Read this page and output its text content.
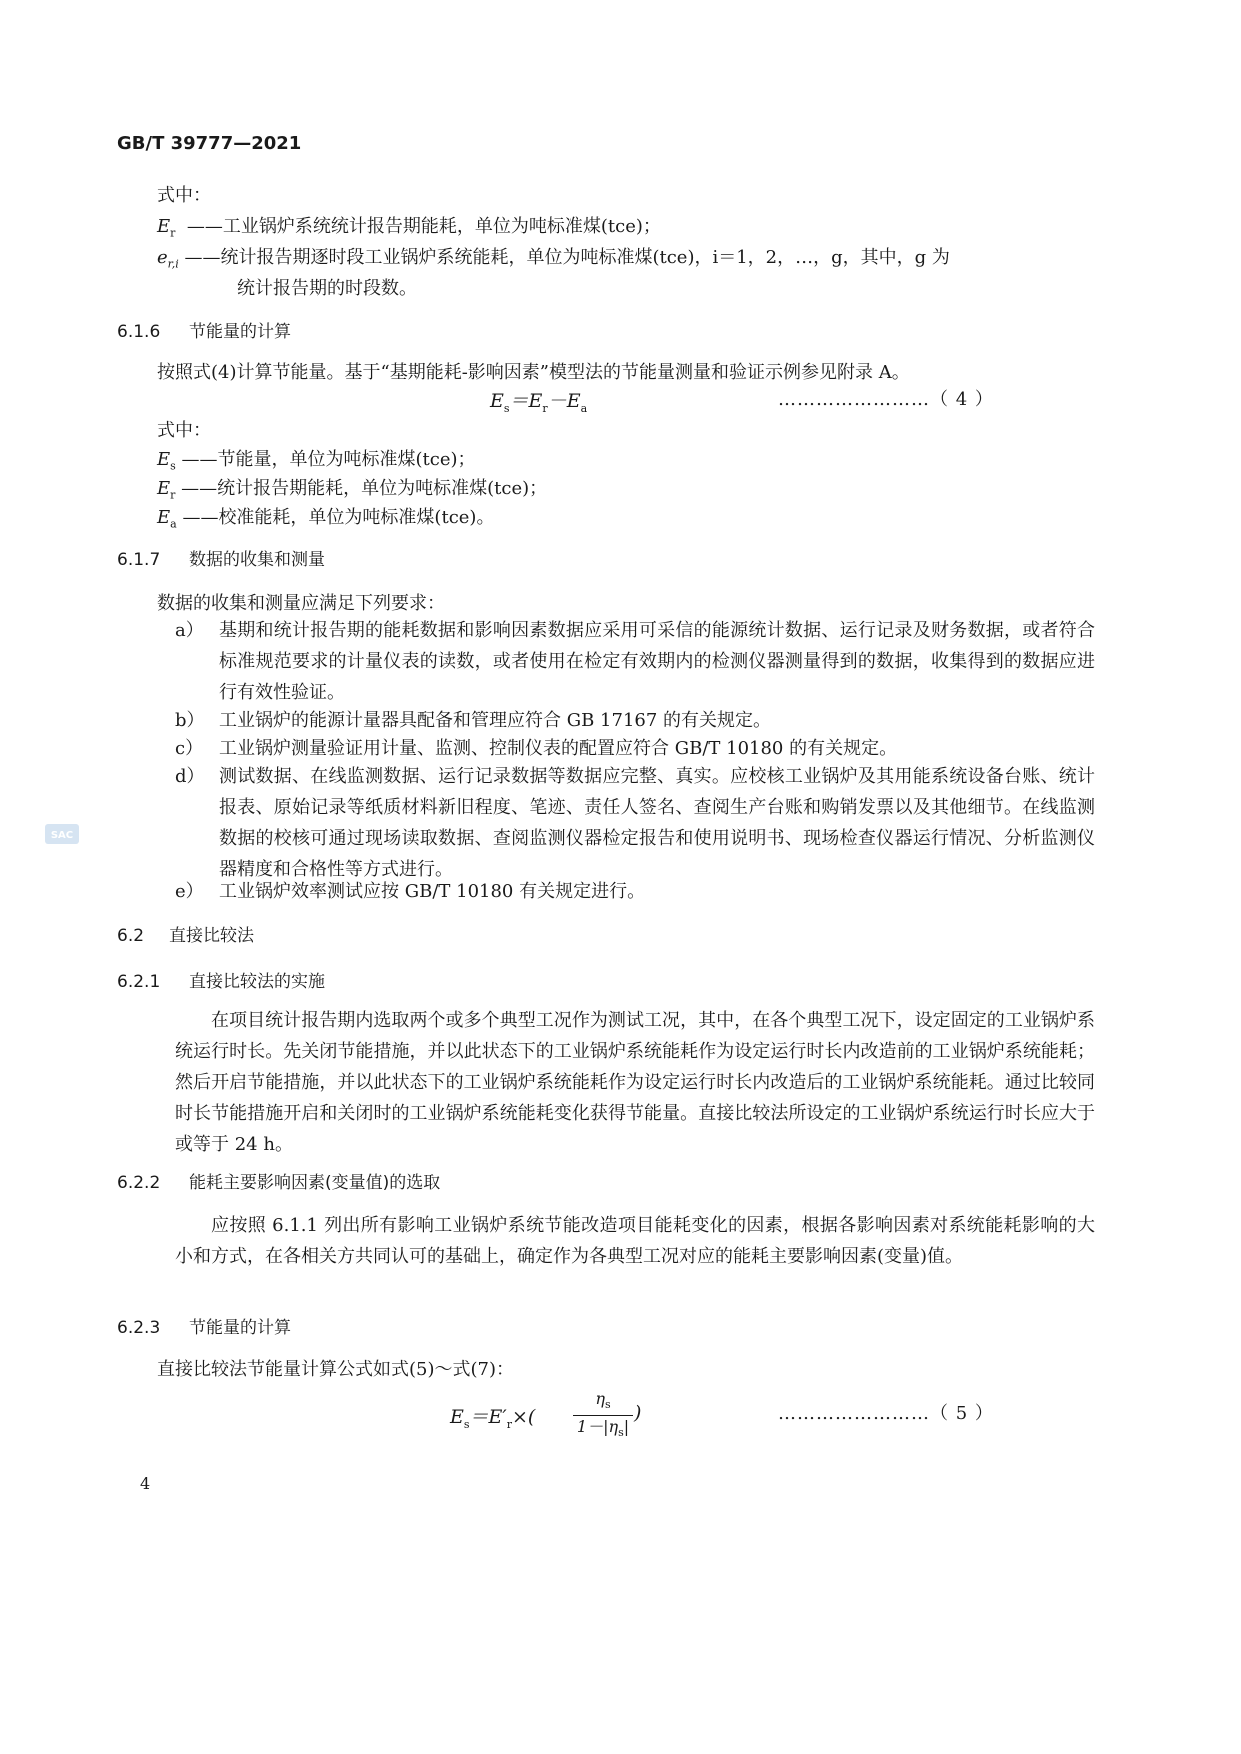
GB/T 39777—2021
SAC
式中：
$E_r$ ——工业锅炉系统统计报告期能耗，单位为吨标准煤(tce)；
$e_{r,i}$ ——统计报告期逐时段工业锅炉系统能耗，单位为吨标准煤(tce)，i＝1，2，…，g，其中，g 为
统计报告期的时段数。
6.1.6 节能量的计算
按照式(4)计算节能量。基于“基期能耗-影响因素”模型法的节能量测量和验证示例参见附录 A。
$E_s=E_r-E_a$	……………………（ 4 ）
式中：
$E_s$ ——节能量，单位为吨标准煤(tce)；
$E_r$ ——统计报告期能耗，单位为吨标准煤(tce)；
$E_a$ ——校准能耗，单位为吨标准煤(tce)。
6.1.7 数据的收集和测量
数据的收集和测量应满足下列要求：
a） 基期和统计报告期的能耗数据和影响因素数据应采用可采信的能源统计数据、运行记录及财务数据，或者符合标准规范要求的计量仪表的读数，或者使用在检定有效期内的检测仪器测量得到的数据，收集得到的数据应进行有效性验证。
b） 工业锅炉的能源计量器具配备和管理应符合 GB 17167 的有关规定。
c） 工业锅炉测量验证用计量、监测、控制仪表的配置应符合 GB/T 10180 的有关规定。
d） 测试数据、在线监测数据、运行记录数据等数据应完整、真实。应校核工业锅炉及其用能系统设备台账、统计报表、原始记录等纸质材料新旧程度、笔迹、责任人签名、查阅生产台账和购销发票以及其他细节。在线监测数据的校核可通过现场读取数据、查阅监测仪器检定报告和使用说明书、现场检查仪器运行情况、分析监测仪器精度和合格性等方式进行。
e） 工业锅炉效率测试应按 GB/T 10180 有关规定进行。
6.2 直接比较法
6.2.1 直接比较法的实施
在项目统计报告期内选取两个或多个典型工况作为测试工况，其中，在各个典型工况下，设定固定的工业锅炉系统运行时长。先关闭节能措施，并以此状态下的工业锅炉系统能耗作为设定运行时长内改造前的工业锅炉系统能耗；然后开启节能措施，并以此状态下的工业锅炉系统能耗作为设定运行时长内改造后的工业锅炉系统能耗。通过比较同时长节能措施开启和关闭时的工业锅炉系统能耗变化获得节能量。直接比较法所设定的工业锅炉系统运行时长应大于或等于 24 h。
6.2.2 能耗主要影响因素(变量值)的选取
应按照 6.1.1 列出所有影响工业锅炉系统节能改造项目能耗变化的因素，根据各影响因素对系统能耗影响的大小和方式，在各相关方共同认可的基础上，确定作为各典型工况对应的能耗主要影响因素(变量)值。
6.2.3 节能量的计算
直接比较法节能量计算公式如式(5)～式(7)：
$E_s=E'_r\times( \frac{\eta_s}{1-|\eta_s|}$ )	……………………（ 5 ）
4
